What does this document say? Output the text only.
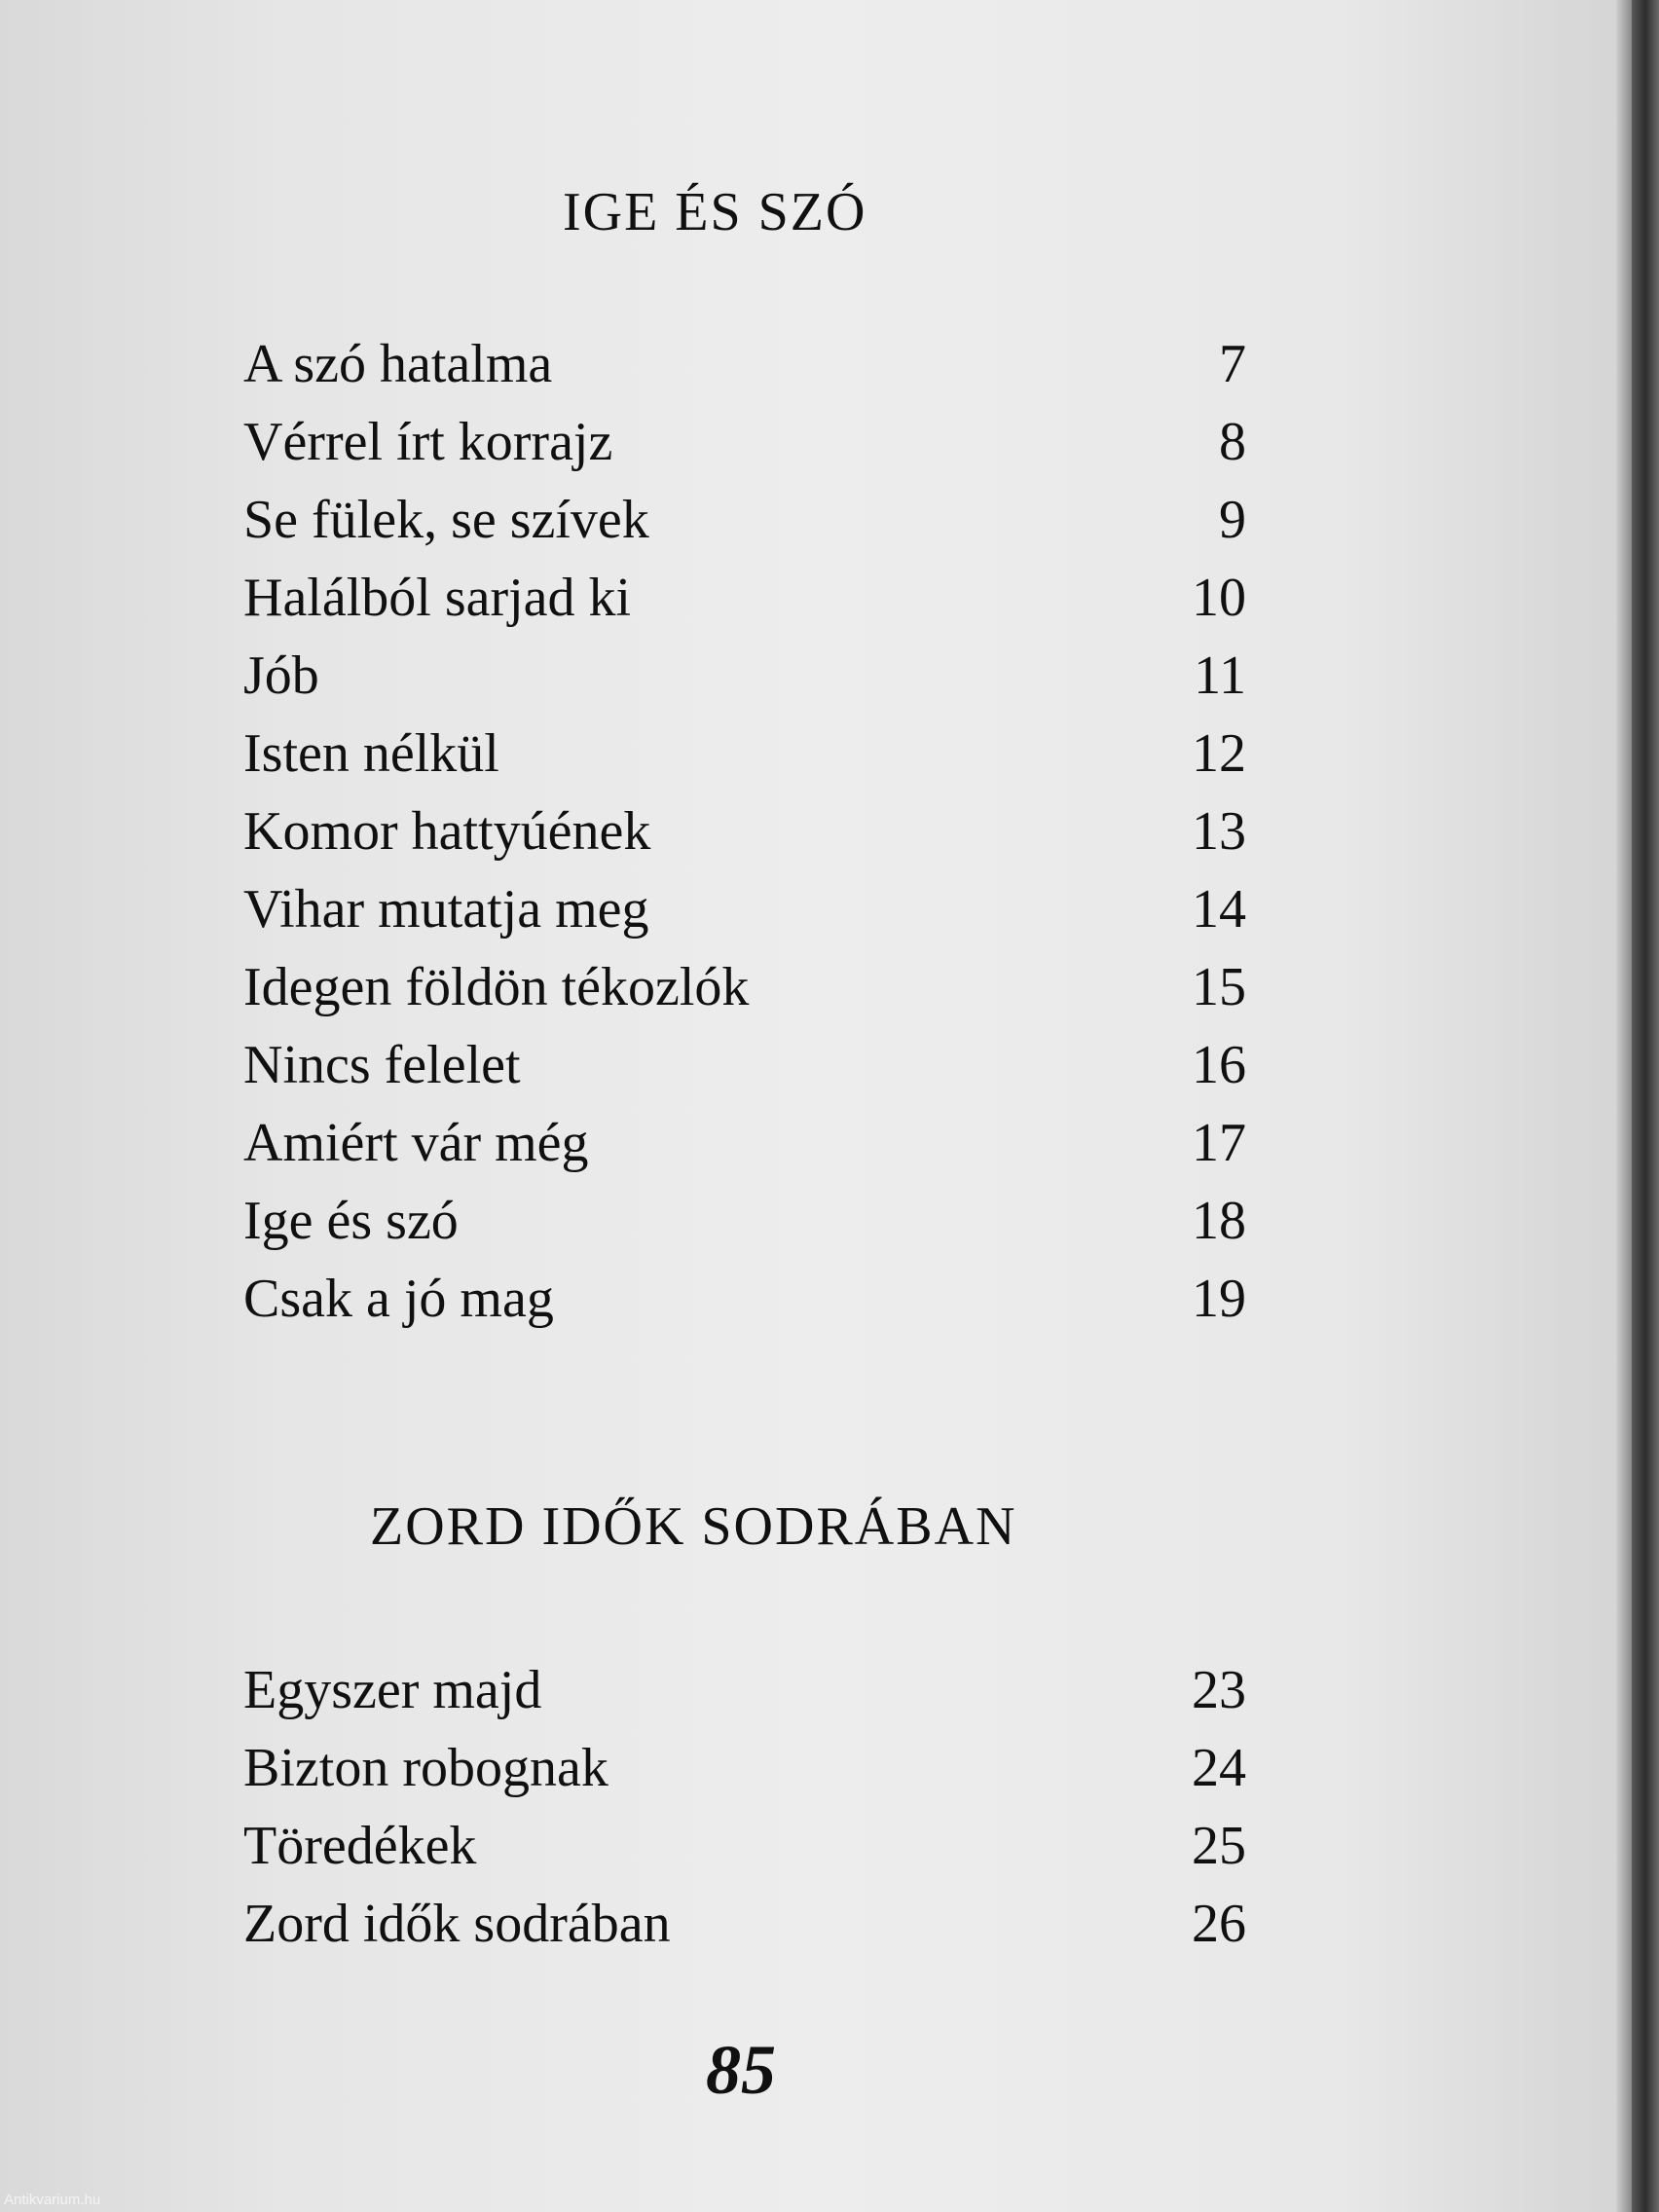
IGE ÉS SZÓ
A szó hatalma	7
Vérrel írt korrajz	8
Se fülek, se szívek	9
Halálból sarjad ki	10
Jób	11
Isten nélkül	12
Komor hattyúének	13
Vihar mutatja meg	14
Idegen földön tékozlók	15
Nincs felelet	16
Amiért vár még	17
Ige és szó	18
Csak a jó mag	19
ZORD IDŐK SODRÁBAN
Egyszer majd	23
Bizton robognak	24
Töredékek	25
Zord idők sodrában	26
85
Antikvarium.hu
